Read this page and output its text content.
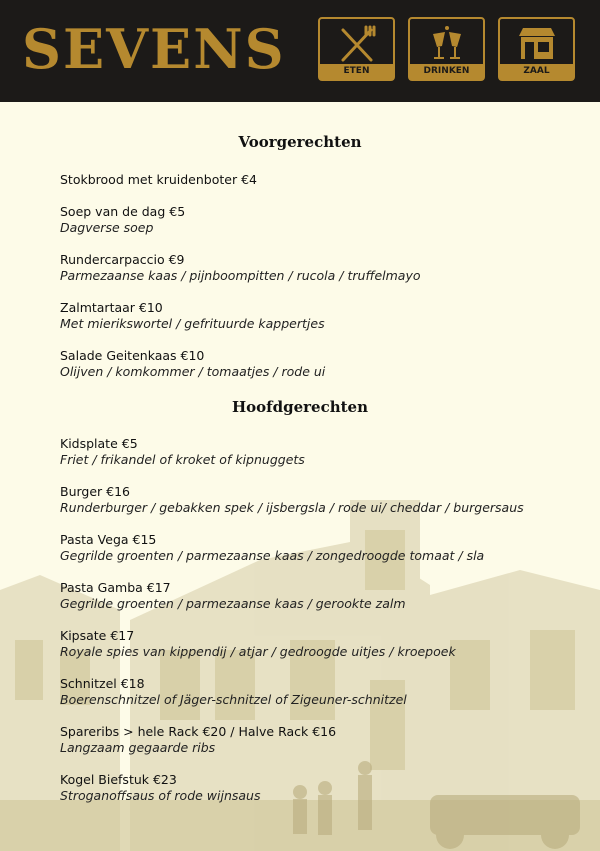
SEVENS	ETEN	DRINKEN	ZAAL
Voorgerechten
Stokbrood met kruidenboter €4
Soep van de dag €5
Dagverse soep
Rundercarpaccio €9
Parmezaanse kaas / pijnboompitten / rucola / truffelmayo
Zalmtartaar €10
Met mierikswortel / gefrituurde kappertjes
Salade Geitenkaas €10
Olijven / komkommer / tomaatjes / rode ui
Hoofdgerechten
Kidsplate €5
Friet / frikandel of kroket of kipnuggets
Burger €16
Runderburger / gebakken spek / ijsbergsla / rode ui/ cheddar / burgersaus
Pasta Vega €15
Gegrilde groenten / parmezaanse kaas / zongedroogde tomaat / sla
Pasta Gamba €17
Gegrilde groenten / parmezaanse kaas / gerookte zalm
Kipsate €17
Royale spies van kippendij / atjar / gedroogde uitjes / kroepoek
Schnitzel €18
Boerenschnitzel of Jäger-schnitzel of Zigeuner-schnitzel
Spareribs > hele Rack €20 / Halve Rack €16
Langzaam gegaarde ribs
Kogel Biefstuk €23
Stroganoffsaus of rode wijnsaus
